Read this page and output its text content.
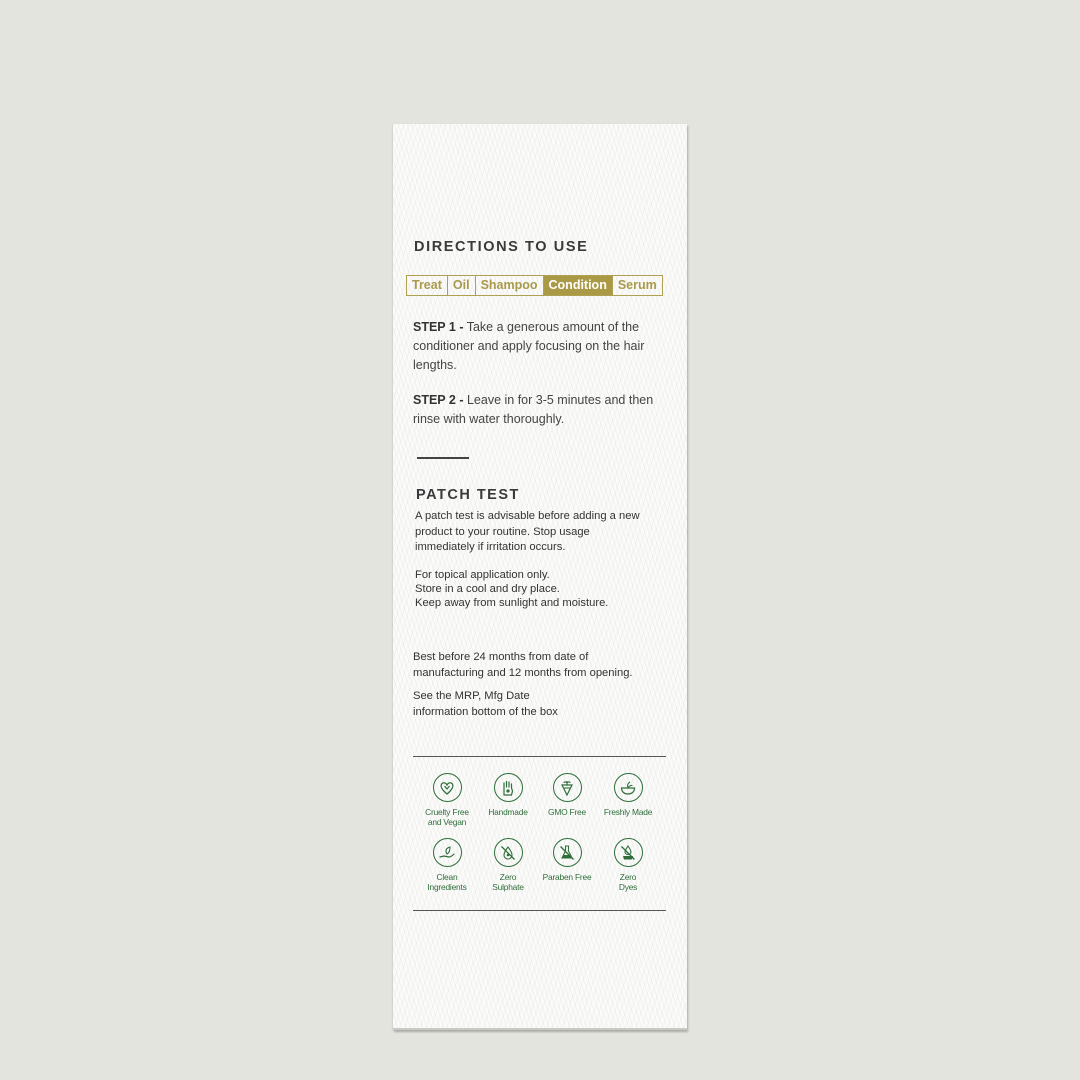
DIRECTIONS TO USE
Treat Oil Shampoo Condition Serum
STEP 1 - Take a generous amount of the conditioner and apply focusing on the hair lengths.
STEP 2 - Leave in for 3-5 minutes and then rinse with water thoroughly.
PATCH TEST
A patch test is advisable before adding a new product to your routine. Stop usage immediately if irritation occurs.
For topical application only.
Store in a cool and dry place.
Keep away from sunlight and moisture.
Best before 24 months from date of manufacturing and 12 months from opening.
See the MRP, Mfg Date
information bottom of the box
Cruelty Free
and Vegan
Handmade	GMO Free	Freshly Made
Clean
Ingredients
Zero
Sulphate
Paraben Free	Zero
Dyes
